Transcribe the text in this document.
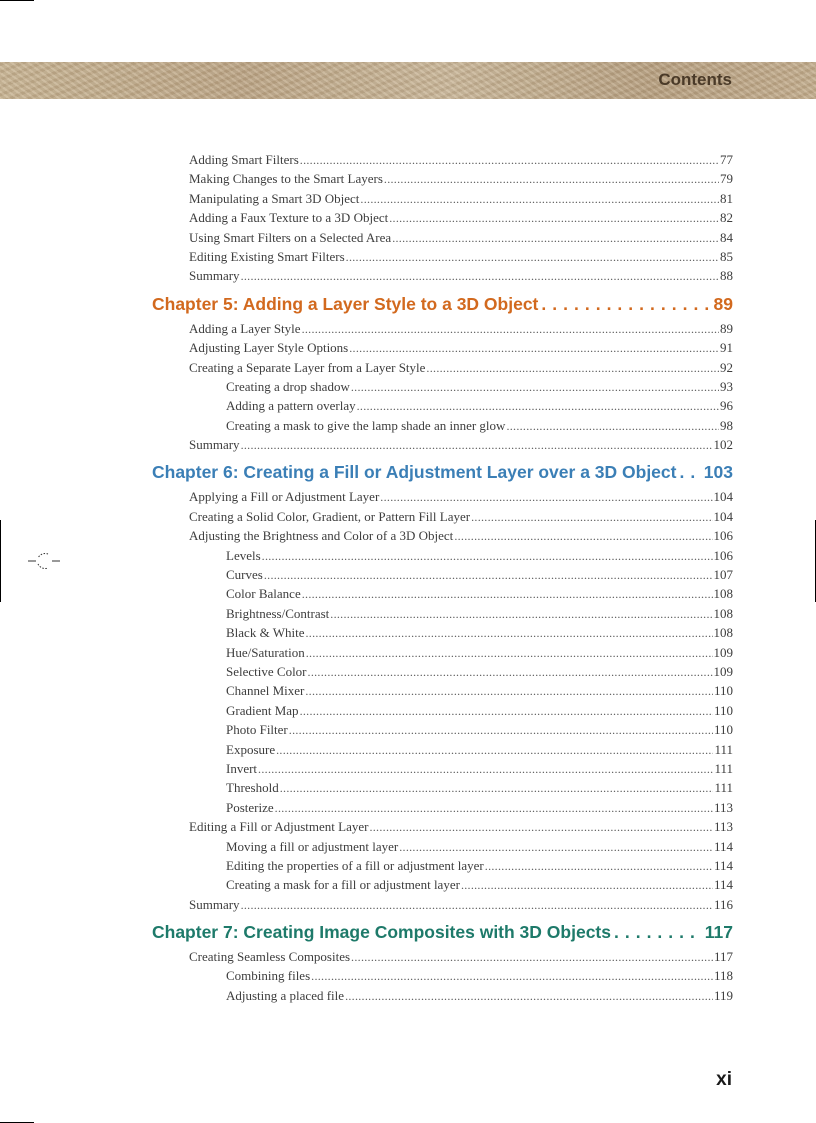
Contents
Adding Smart Filters .....	77
Making Changes to the Smart Layers .....	79
Manipulating a Smart 3D Object .....	81
Adding a Faux Texture to a 3D Object .....	82
Using Smart Filters on a Selected Area .....	84
Editing Existing Smart Filters .....	85
Summary .....	88
Chapter 5: Adding a Layer Style to a 3D Object .....	89
Adding a Layer Style .....	89
Adjusting Layer Style Options .....	91
Creating a Separate Layer from a Layer Style .....	92
Creating a drop shadow .....	93
Adding a pattern overlay .....	96
Creating a mask to give the lamp shade an inner glow .....	98
Summary .....	102
Chapter 6: Creating a Fill or Adjustment Layer over a 3D Object ..... 103
Applying a Fill or Adjustment Layer .....	104
Creating a Solid Color, Gradient, or Pattern Fill Layer .....	104
Adjusting the Brightness and Color of a 3D Object .....	106
Levels .....	106
Curves .....	107
Color Balance .....	108
Brightness/Contrast .....	108
Black & White .....	108
Hue/Saturation .....	109
Selective Color .....	109
Channel Mixer .....	110
Gradient Map .....	110
Photo Filter .....	110
Exposure .....	111
Invert .....	111
Threshold .....	111
Posterize .....	113
Editing a Fill or Adjustment Layer .....	113
Moving a fill or adjustment layer .....	114
Editing the properties of a fill or adjustment layer .....	114
Creating a mask for a fill or adjustment layer .....	114
Summary .....	116
Chapter 7: Creating Image Composites with 3D Objects .....	117
Creating Seamless Composites .....	117
Combining files .....	118
Adjusting a placed file .....	119
xi
